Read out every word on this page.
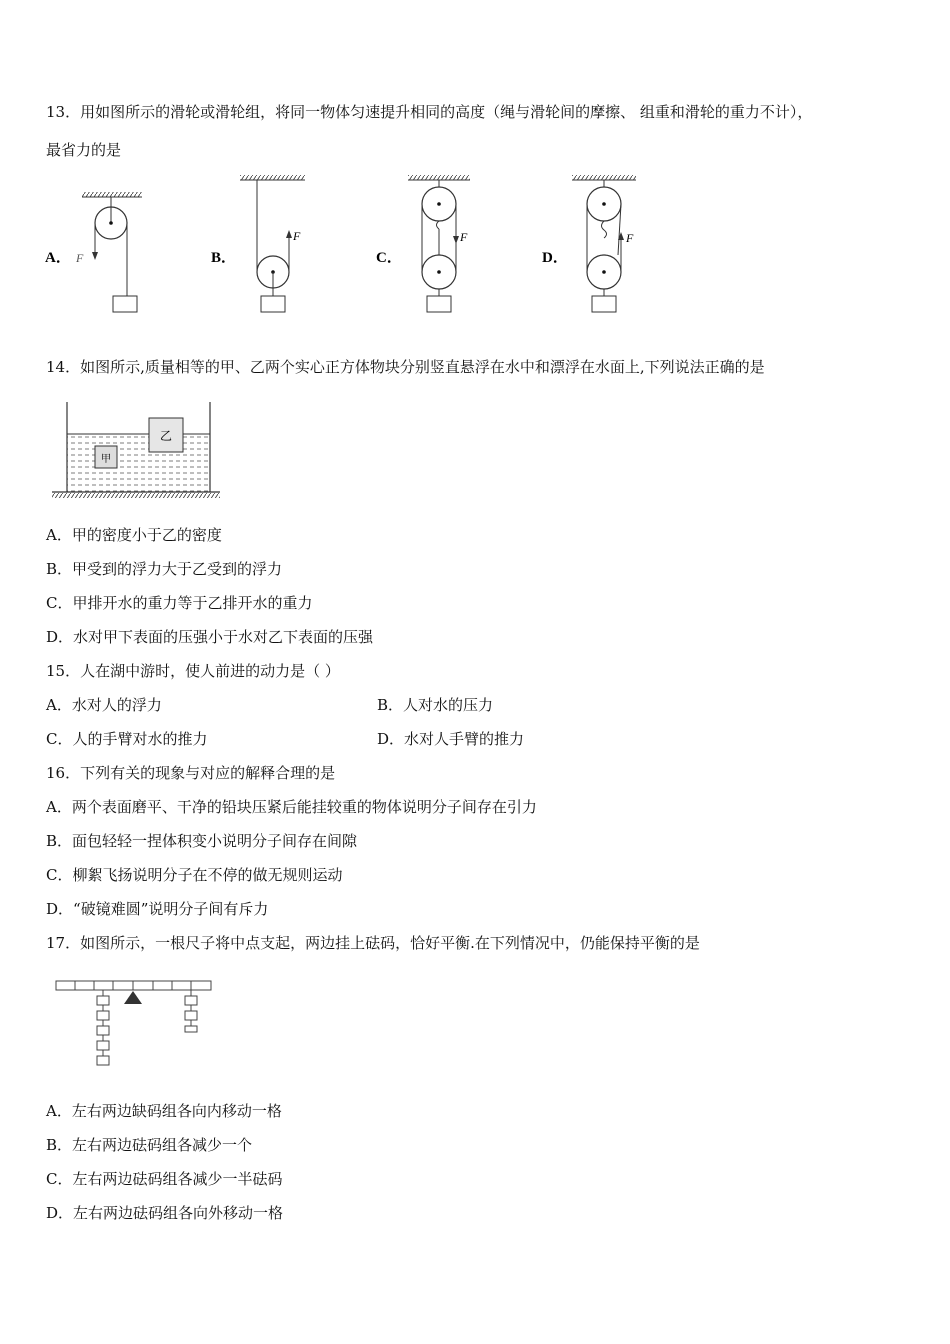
13．用如图所示的滑轮或滑轮组，将同一物体匀速提升相同的高度（绳与滑轮间的摩擦、 组重和滑轮的重力不计），
最省力的是
A． F	B．
F
C．
F
D．
F
14．如图所示,质量相等的甲、乙两个实心正方体物块分别竖直悬浮在水中和漂浮在水面上,下列说法正确的是
甲
乙
A．甲的密度小于乙的密度
B．甲受到的浮力大于乙受到的浮力
C．甲排开水的重力等于乙排开水的重力
D．水对甲下表面的压强小于水对乙下表面的压强
15．人在湖中游时，使人前进的动力是（ ）
A．水对人的浮力	B．人对水的压力
C．人的手臂对水的推力	D．水对人手臂的推力
16．下列有关的现象与对应的解释合理的是
A．两个表面磨平、干净的铅块压紧后能挂较重的物体说明分子间存在引力
B．面包轻轻一捏体积变小说明分子间存在间隙
C．柳絮飞扬说明分子在不停的做无规则运动
D．“破镜难圆”说明分子间有斥力
17．如图所示，一根尺子将中点支起，两边挂上砝码，恰好平衡.在下列情况中，仍能保持平衡的是
A．左右两边缺码组各向内移动一格
B．左右两边砝码组各减少一个
C．左右两边砝码组各减少一半砝码
D．左右两边砝码组各向外移动一格
